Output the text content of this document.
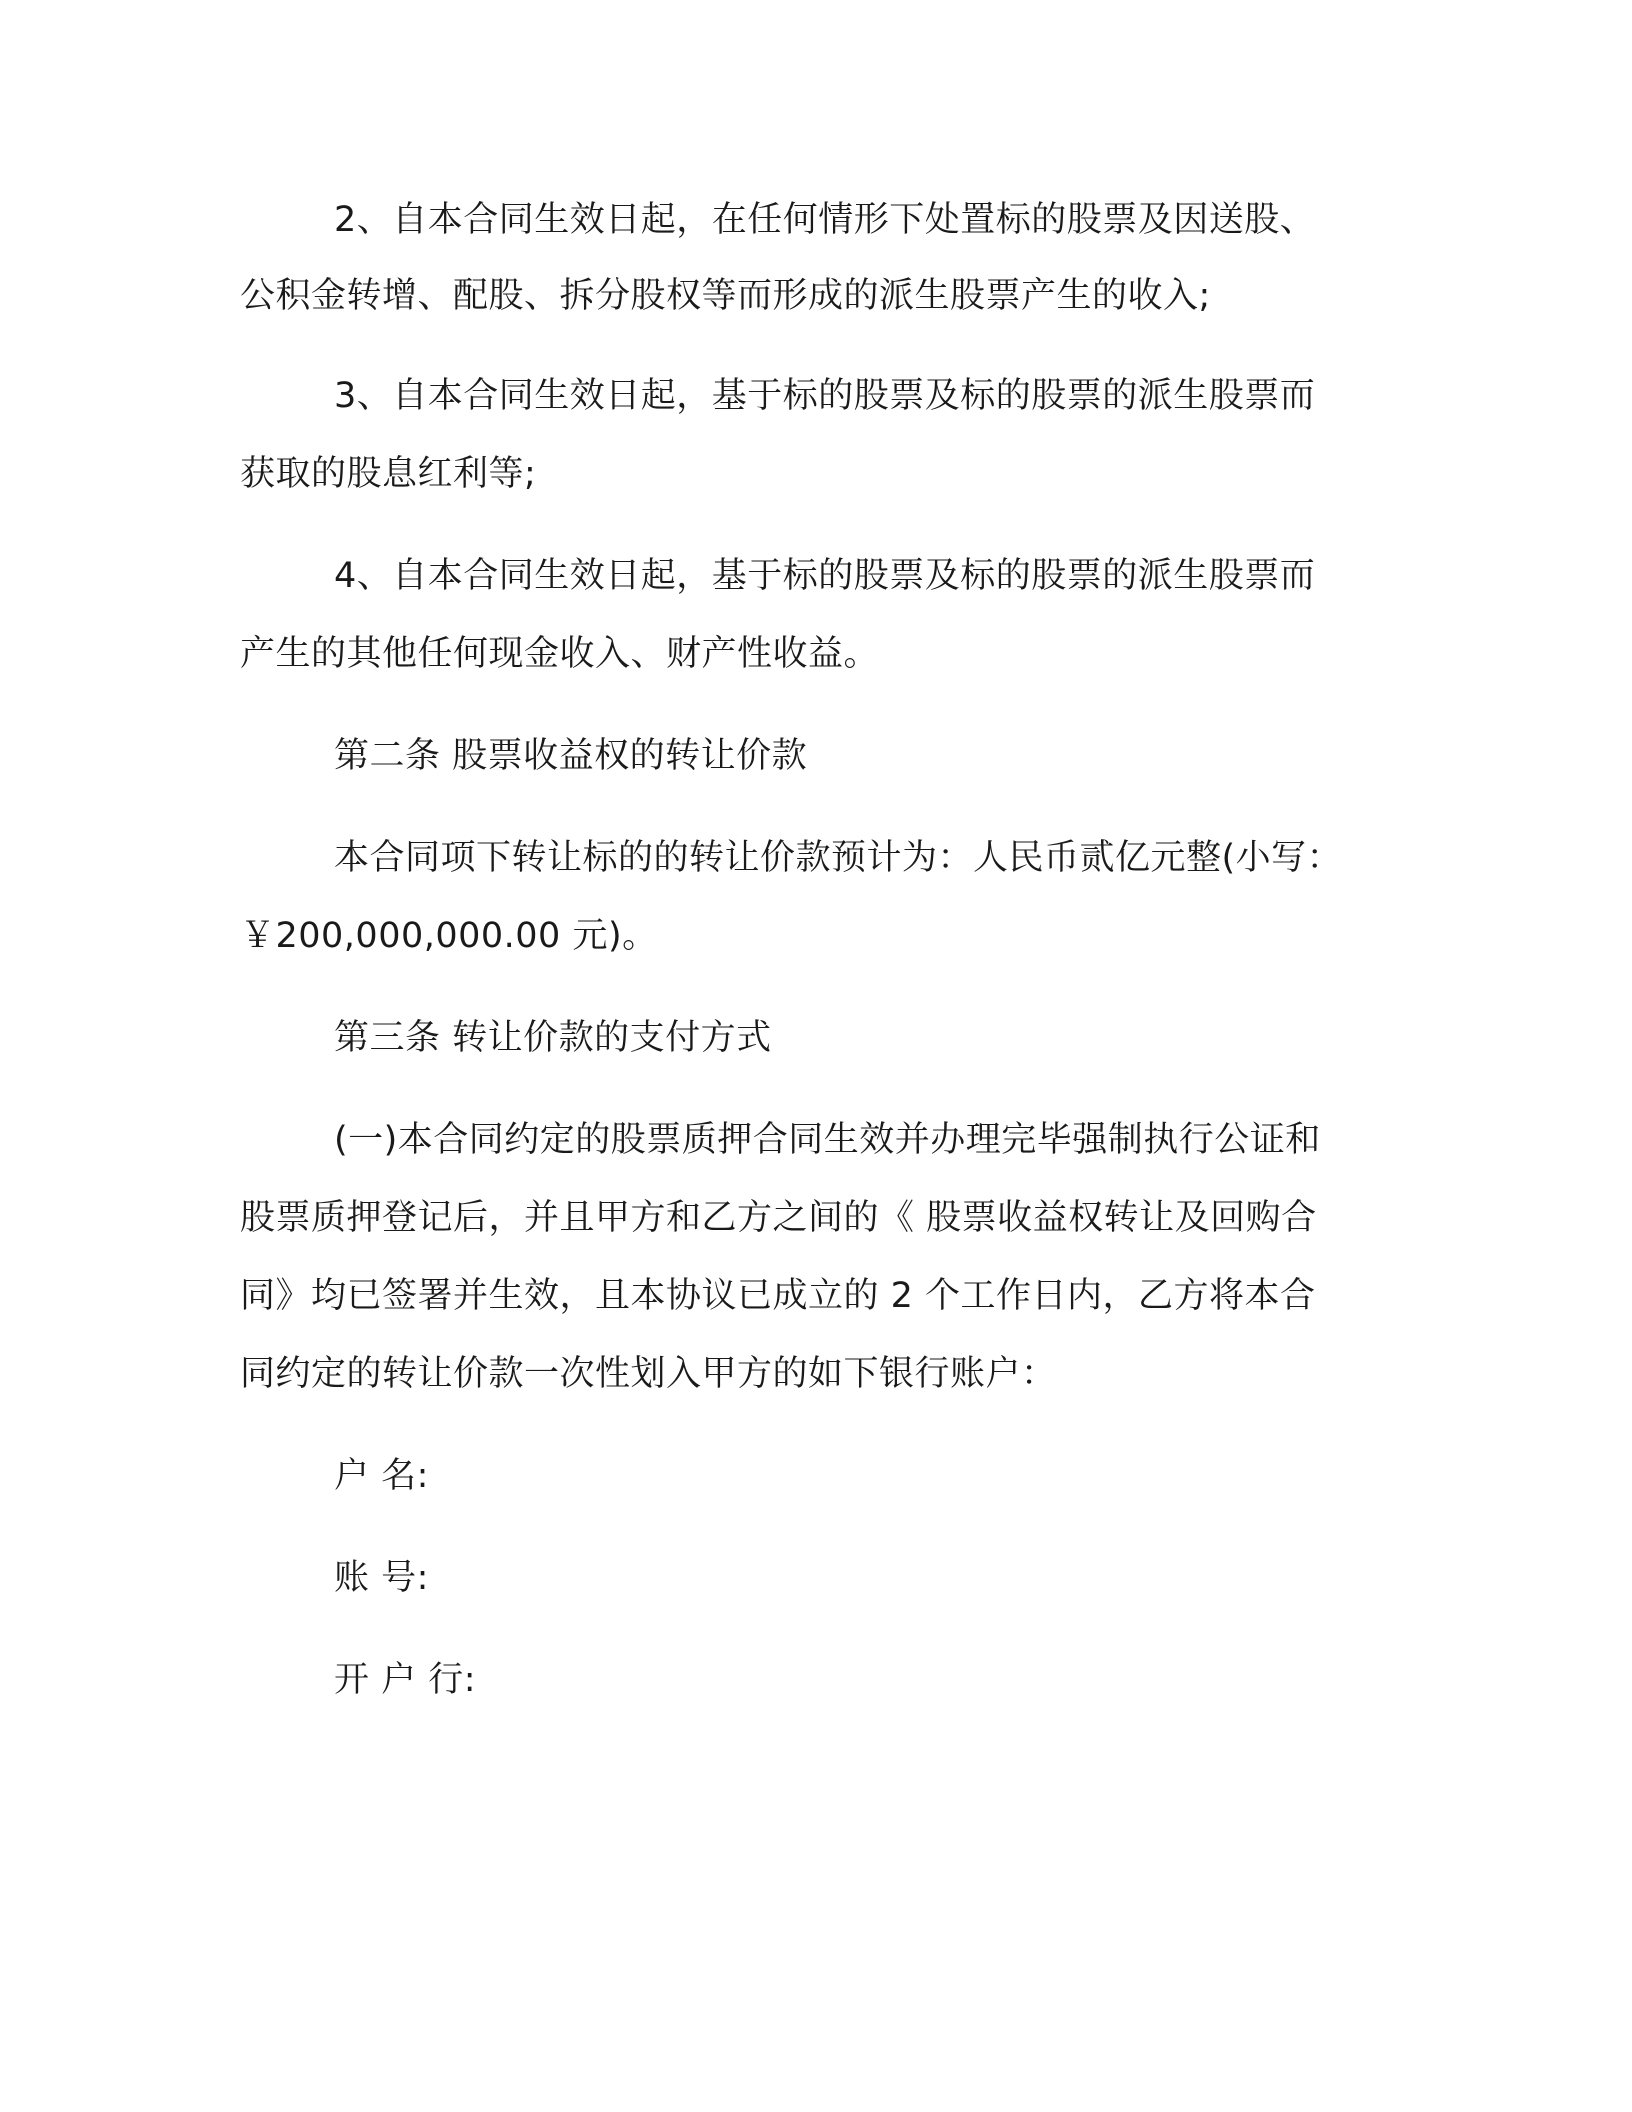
2、自本合同生效日起，在任何情形下处置标的股票及因送股、

公积金转增、配股、拆分股权等而形成的派生股票产生的收入;

3、自本合同生效日起，基于标的股票及标的股票的派生股票而

获取的股息红利等;

4、自本合同生效日起，基于标的股票及标的股票的派生股票而

产生的其他任何现金收入、财产性收益。

第二条 股票收益权的转让价款

本合同项下转让标的的转让价款预计为：人民币贰亿元整(小写：

￥200,000,000.00 元)。

第三条 转让价款的支付方式

(一)本合同约定的股票质押合同生效并办理完毕强制执行公证和

股票质押登记后，并且甲方和乙方之间的《 股票收益权转让及回购合

同》均已签署并生效，且本协议已成立的 2 个工作日内，乙方将本合

同约定的转让价款一次性划入甲方的如下银行账户：

户 名:

账 号:

开 户 行:
